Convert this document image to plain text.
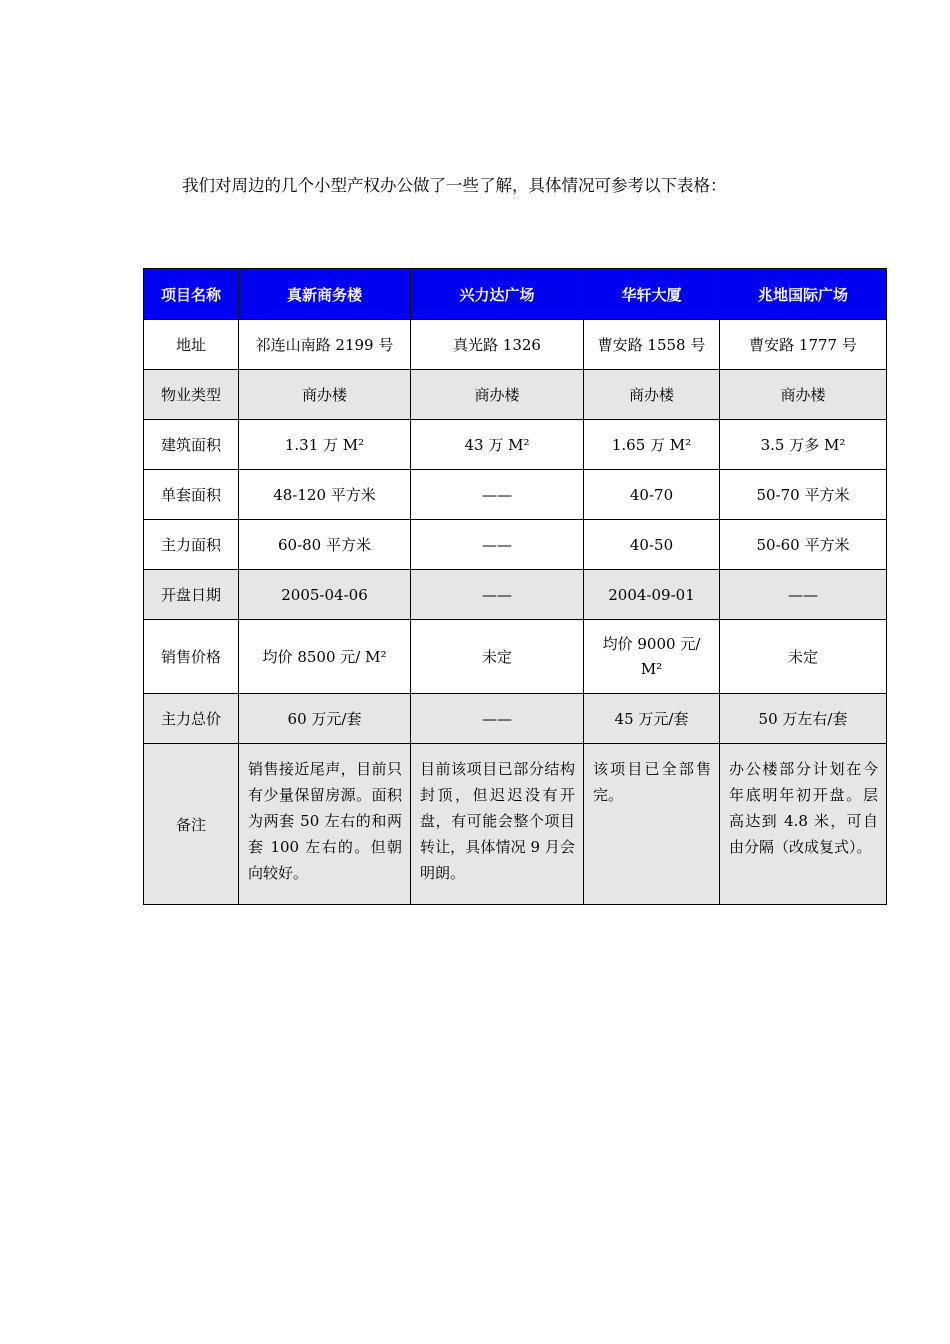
我们对周边的几个小型产权办公做了一些了解，具体情况可参考以下表格：
项目名称	真新商务楼	兴力达广场	华轩大厦	兆地国际广场
地址	祁连山南路 2199 号	真光路 1326	曹安路 1558 号	曹安路 1777 号
物业类型	商办楼	商办楼	商办楼	商办楼
建筑面积	1.31 万 M²	43 万 M²	1.65 万 M²	3.5 万多 M²
单套面积	48-120 平方米	——	40-70	50-70 平方米
主力面积	60-80 平方米	——	40-50	50-60 平方米
开盘日期	2005-04-06	——	2004-09-01	——
销售价格	均价 8500 元/ M²	未定	均价 9000 元/ M²	未定
主力总价	60 万元/套	——	45 万元/套	50 万左右/套
备注	销售接近尾声，目前只有少量保留房源。面积为两套 50 左右的和两套 100 左右的。但朝向较好。	目前该项目已部分结构封顶，但迟迟没有开盘，有可能会整个项目转让，具体情况 9 月会明朗。	该项目已全部售完。	办公楼部分计划在今年底明年初开盘。层高达到 4.8 米，可自由分隔（改成复式）。
